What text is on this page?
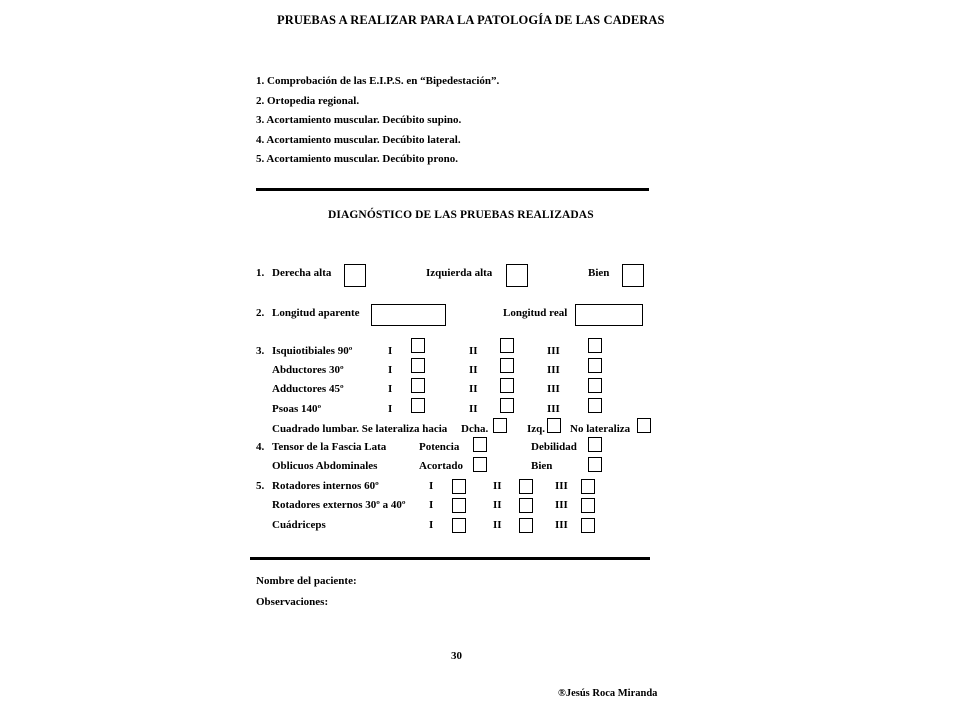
PRUEBAS A REALIZAR PARA LA PATOLOGÍA DE LAS CADERAS
1. Comprobación de las E.I.P.S. en “Bipedestación”.
2. Ortopedia regional.
3. Acortamiento muscular. Decúbito supino.
4. Acortamiento muscular. Decúbito lateral.
5. Acortamiento muscular. Decúbito prono.
DIAGNÓSTICO DE LAS PRUEBAS REALIZADAS
1. Derecha alta	Izquierda alta	Bien
2. Longitud aparente	Longitud real
3. Isquiotibiales 90º	I	II	III
Abductores 30º	I	II	III
Adductores 45º	I	II	III
Psoas 140º	I	II	III
Cuadrado lumbar. Se lateraliza hacia Dcha.	Izq. No lateraliza
4. Tensor de la Fascia Lata	Potencia	Debilidad
Oblicuos Abdominales	Acortado	Bien
5. Rotadores internos 60º	I	II	III
Rotadores externos 30º a 40º I	II	III
Cuádriceps	I	II	III
Nombre del paciente:
Observaciones:
30
®Jesús Roca Miranda
